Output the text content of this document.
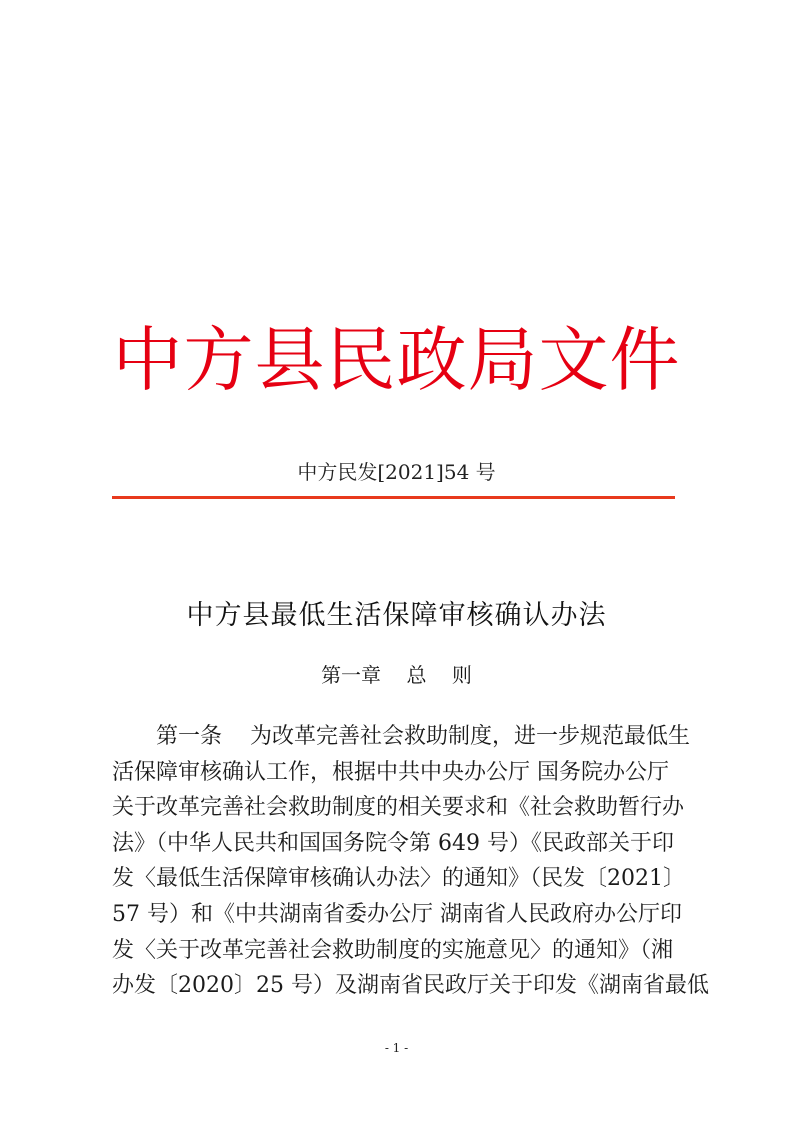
中方县民政局文件
中方民发[2021]54 号
中方县最低生活保障审核确认办法
第一章    总    则
第一条    为改革完善社会救助制度，进一步规范最低生
活保障审核确认工作，根据中共中央办公厅 国务院办公厅
关于改革完善社会救助制度的相关要求和《社会救助暂行办
法》（中华人民共和国国务院令第 649 号）《民政部关于印
发〈最低生活保障审核确认办法〉的通知》（民发〔2021〕
57 号）和《中共湖南省委办公厅 湖南省人民政府办公厅印
发〈关于改革完善社会救助制度的实施意见〉的通知》（湘
办发〔2020〕25 号）及湖南省民政厅关于印发《湖南省最低
- 1 -
